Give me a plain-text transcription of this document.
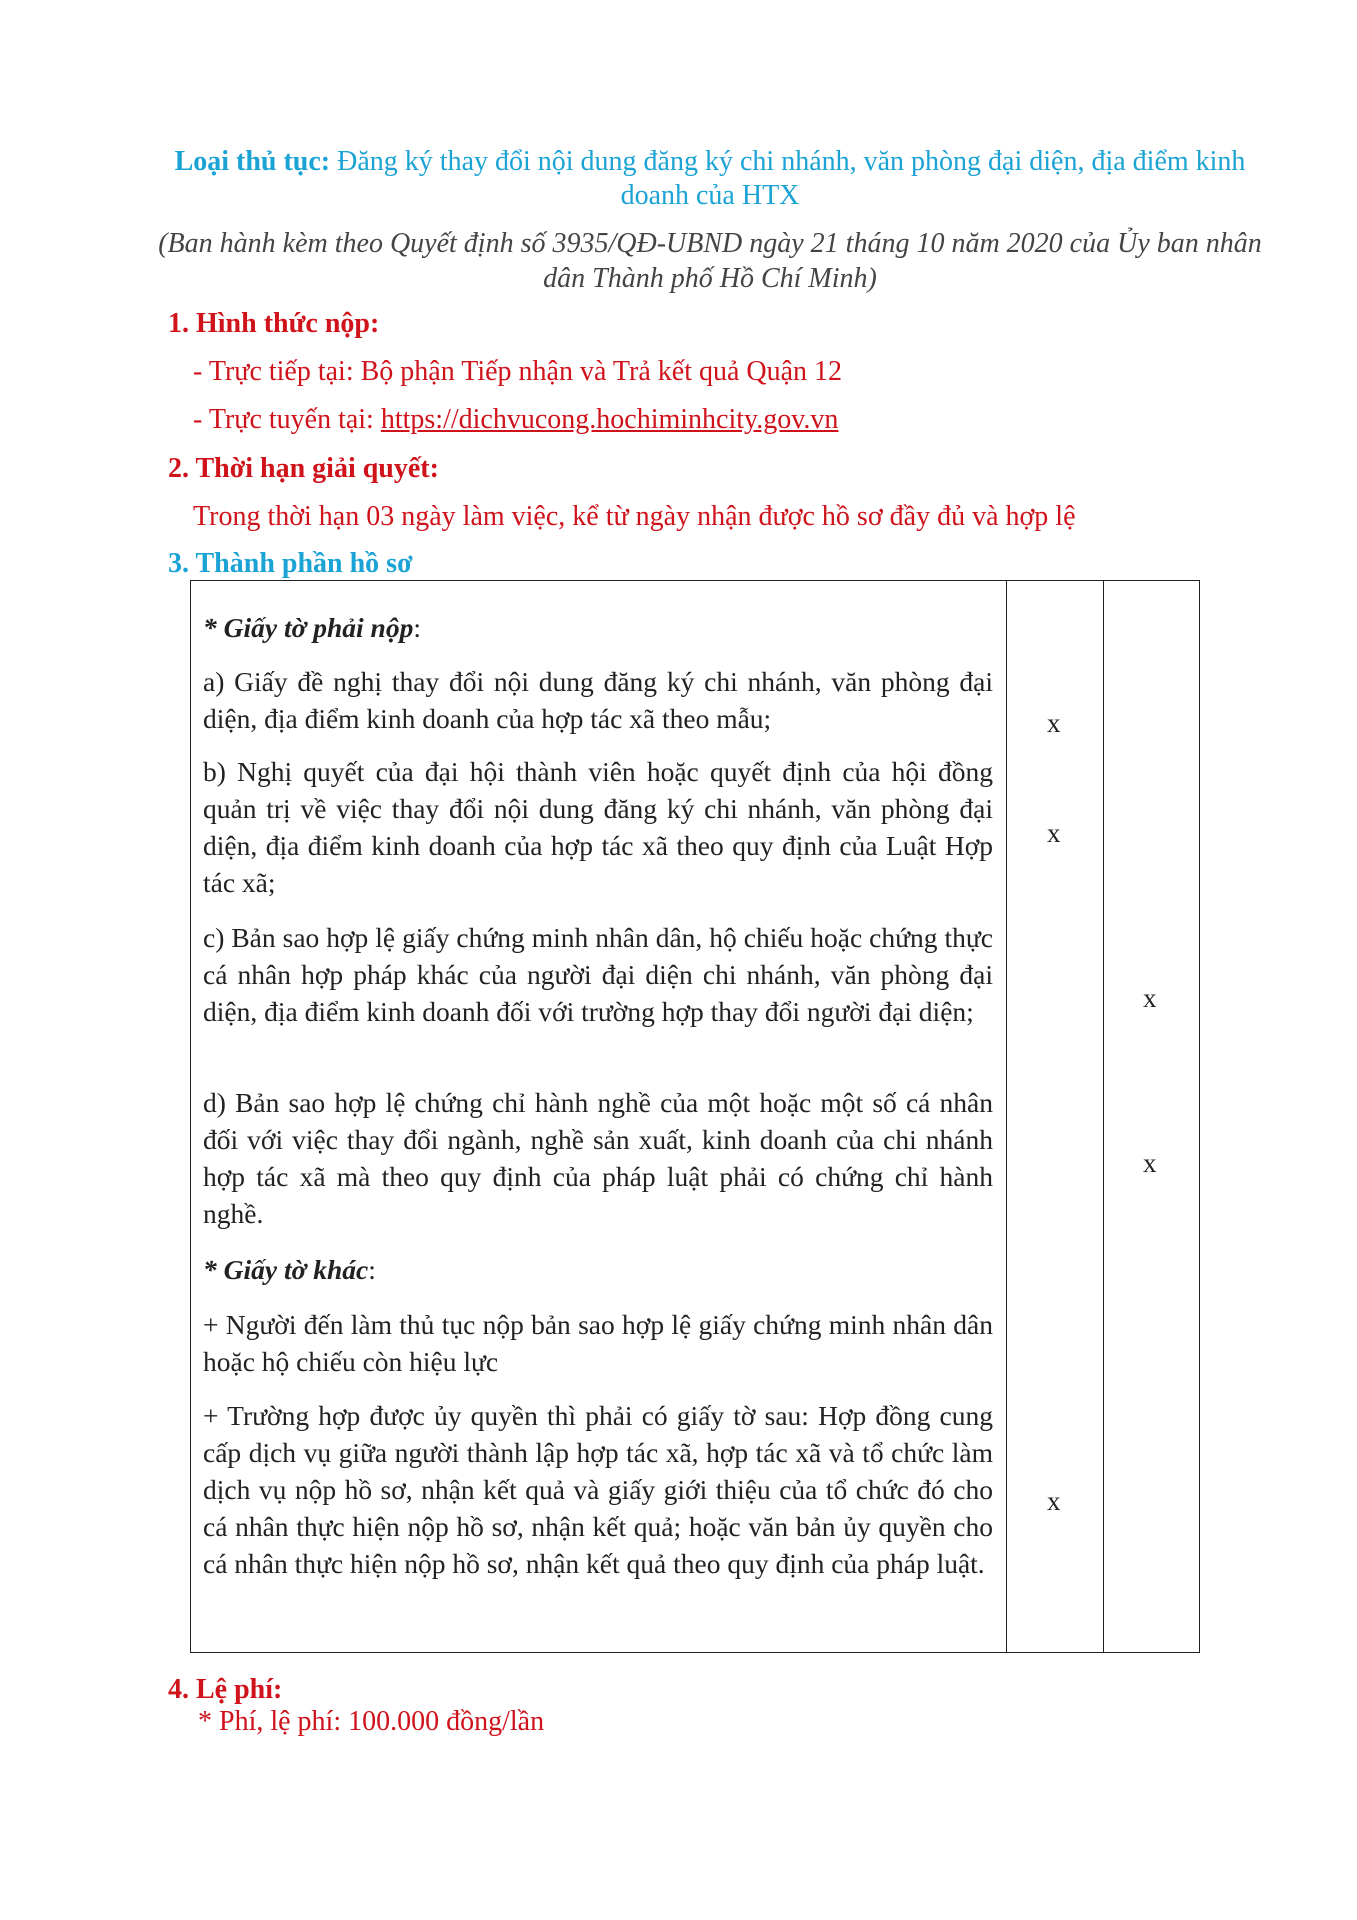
Loại thủ tục: Đăng ký thay đổi nội dung đăng ký chi nhánh, văn phòng đại diện, địa điểm kinh doanh của HTX
(Ban hành kèm theo Quyết định số 3935/QĐ-UBND ngày 21 tháng 10 năm 2020 của Ủy ban nhân dân Thành phố Hồ Chí Minh)
1. Hình thức nộp:
- Trực tiếp tại: Bộ phận Tiếp nhận và Trả kết quả Quận 12
- Trực tuyến tại: https://dichvucong.hochiminhcity.gov.vn
2. Thời hạn giải quyết:
Trong thời hạn 03 ngày làm việc, kể từ ngày nhận được hồ sơ đầy đủ và hợp lệ
3. Thành phần hồ sơ
* Giấy tờ phải nộp:
a) Giấy đề nghị thay đổi nội dung đăng ký chi nhánh, văn phòng đại diện, địa điểm kinh doanh của hợp tác xã theo mẫu;
b) Nghị quyết của đại hội thành viên hoặc quyết định của hội đồng quản trị về việc thay đổi nội dung đăng ký chi nhánh, văn phòng đại diện, địa điểm kinh doanh của hợp tác xã theo quy định của Luật Hợp tác xã;
c) Bản sao hợp lệ giấy chứng minh nhân dân, hộ chiếu hoặc chứng thực cá nhân hợp pháp khác của người đại diện chi nhánh, văn phòng đại diện, địa điểm kinh doanh đối với trường hợp thay đổi người đại diện;
d) Bản sao hợp lệ chứng chỉ hành nghề của một hoặc một số cá nhân đối với việc thay đổi ngành, nghề sản xuất, kinh doanh của chi nhánh hợp tác xã mà theo quy định của pháp luật phải có chứng chỉ hành nghề.
* Giấy tờ khác:
+ Người đến làm thủ tục nộp bản sao hợp lệ giấy chứng minh nhân dân hoặc hộ chiếu còn hiệu lực
+ Trường hợp được ủy quyền thì phải có giấy tờ sau: Hợp đồng cung cấp dịch vụ giữa người thành lập hợp tác xã, hợp tác xã và tổ chức làm dịch vụ nộp hồ sơ, nhận kết quả và giấy giới thiệu của tổ chức đó cho cá nhân thực hiện nộp hồ sơ, nhận kết quả; hoặc văn bản ủy quyền cho cá nhân thực hiện nộp hồ sơ, nhận kết quả theo quy định của pháp luật.
x
x
x
x
x
4. Lệ phí:
* Phí, lệ phí: 100.000 đồng/lần
